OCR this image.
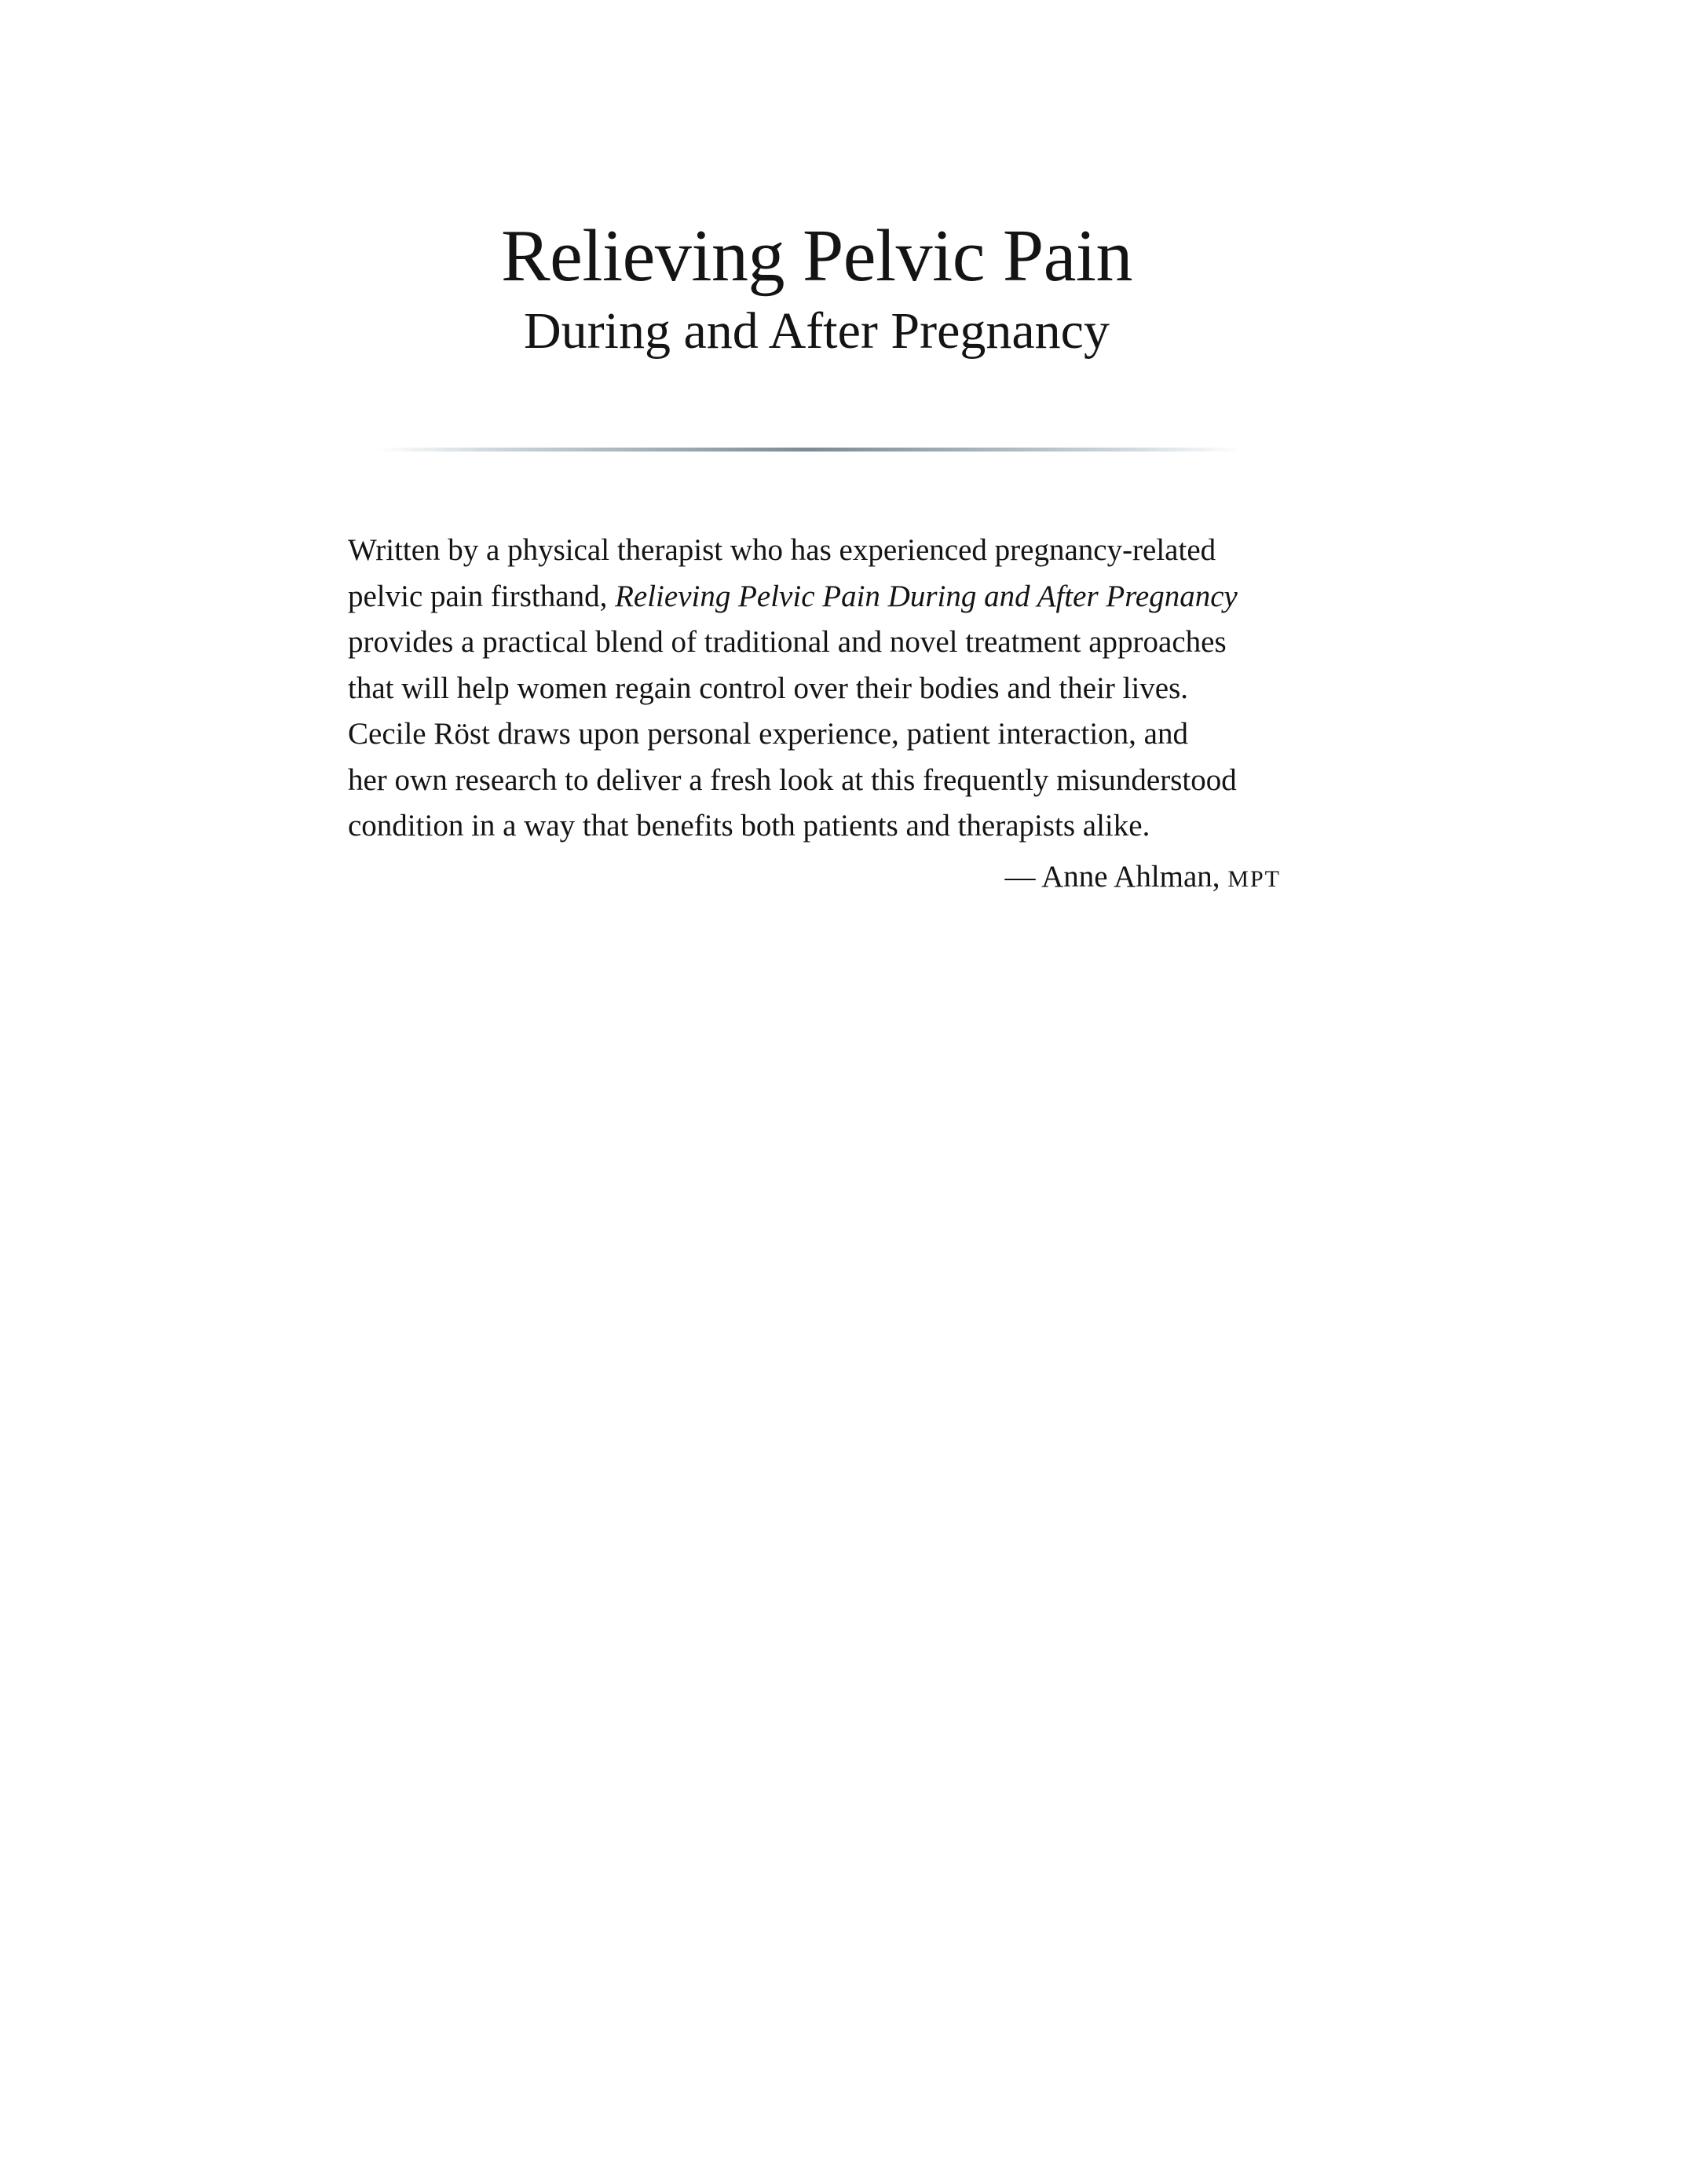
Relieving Pelvic Pain
During and After Pregnancy
Written by a physical therapist who has experienced pregnancy-related
pelvic pain firsthand, Relieving Pelvic Pain During and After Pregnancy
provides a practical blend of traditional and novel treatment approaches
that will help women regain control over their bodies and their lives.
Cecile Röst draws upon personal experience, patient interaction, and
her own research to deliver a fresh look at this frequently misunderstood
condition in a way that benefits both patients and therapists alike.
— Anne Ahlman, MPT
